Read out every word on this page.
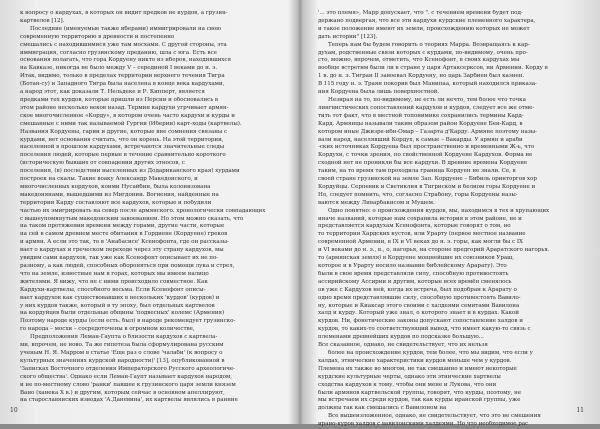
к вопросу о кардухах, в которых он видит предков не курдов, а грузин-
картвелов [12].
Последние (именуемые также иберами) иммигрировали на свою
современную территорию в древности и постепенно
смешались с находившимися уже там мосхами. С другой стороны, эта
иммиграция, согласно грузинскому преданию, шла с юга. Есть все
основания полагать, что гора Кордуену никто из иберов, находившихся
на Кавказе, никогда не было между V – серединой I веками до н. э.
Итак, видимо, только в пределах территории верхнего течения Тигра
(Ботан-су) и Западного Тигра была населена в конце века кардухами,
а народ этот, как доказали Т. Нельдеке и Р. Кипперт, является
предками тех курдов, которые пришли из Персии и обосновались в
этом районе несколько веков назад. Термин кардухи угрчивает армян-
ское многочисленное «Корду», в котором очень часто кардухи и курды и
смешанные с ними так называемой Гургии (Иберии) карт-ходы (картвелы).
Названия Кордуены, гарии и другие, которые вне сомнения связаны с
курдами, нет основания считать, что он корень. На этой территории,
населенной в прошлом кардухами, встречаются значительные следы
поселения людей, которые первые в течение сравнительно короткого
(историческую бывших от совпадении других этносов, с
поселения, (в) последствии выселенных из Додариканского края) хурдами
построек на скалы. Такие воаку Александр Македонского, и
многочисленных кордухов, коими Нусайбин, была колонизована
македонянами, вышедшими из Мигдонии. Вогнения, найденные на
территории Карду составляют все кардухов, которые и побудили
частью их эмигрировать на север после армянского. хронологически совпадающих
с вышеупомянутым македонским завоеванием. Но этом можно сказать, что
на таком протяжении времени между горами, другие части, которые
на сей в самом древнем месте обитания в Гордиене (Кордуене) греков
и армян. А если это так, то в 'Анабасисе' Ксенофонта, где он рассказы-
вает о кардухах и греческом переходе через эту страну кардухов, мы
увидим сами кардухов, так уже как Ксенофонт описывает их не по-
разному, а как людей, способных обороняться при помощи лука и стрел,
что на земле, известные нам в горах, которых мы имеем налицо
жителями. Я вижу, что не с ними происходило совместное. Как
Кардухи-картвелы, способного весьма. Если Ксенофонт описы-
вает кардухов как существовавших в нескольких 'курдов' (курдов) и
у них курдов также, который в ту эпоху, был отдельных картвелов
на кордуйцев были отдельные общины 'подвесных' колемс (Армения)
Поэтому народе курды (если есть. был) в народе рекомендует грузинско-
го народа – мосхи – сосредоточены в огромном количестве,
Предположения Леман-Гаупта о близости кардухов с картвела-
ми, впрочем, не ново. Та же гипотеза была сформулирована русским
ученым Н. Я. Марром в статье 'Еще раз о слове 'чалаби' (к вопросу о
культурных значениях курдской народности)' [13], опубликованной в
'Записках Восточного отделения Императорского Русского археологиче-
ского общества'. Однако если Леман-Гаупт называет кардухов народом,
и не по-местному слово 'ранки' павшее к грузинского царя земли князем
Вано (ханека Х в.) и другим, которым сейчас в основном апеллируют,
на старославянских изводах 'А.Даневина', их картвелы являлись в ранние
10
'... это племя», Марр допускает, что ". с течением времени будет под-
держано подвергая, что все эти кардухи курдские племенного характера,
и такое положение имеют их земли, происхождению которых не может
дать истории" [123].
Теперь нам бы будем говорить о теориях Марра. Возвращаясь к кар-
духам, родственные связи которых с курдами, по-видимому, очень про-
сто, можно, впрочем, отметить, что Ксенофонт, в своих кардухах мы
вообще встретим были ли в стране у царя Артаксерксов, ни Армении. Корду в
1 в. до н. э. Тигран II завоевал Кордуену, но царь Зарбиен был казнен.
В 115 году н. э. Траян покорив был Манипаа, который находился приказа-
ния Кордуена была лишь поверхностной.
Незирая на то, по-видимому, не есть ли нечто, тем более что точка
лингвистических сопоставлений кардухов и курдов, следует все же отме-
тить тот факт, что в местной топонимике сохранились термины Кард-
Кард. Армянцы называли таким образом район Кордуене Бен-Кард, в
котором иные Джизре-ибн-Омар – Газарта д'Карду. Армяне поэтому назы-
вали народ, населявший Кордух, к самые – Вакарды. У армян и араби
-ских источниках Кордуена был пространственно и временными Ж-ь, что
Кордухи, с точки зрения, по свойственной Кордуене Кардухов. Форма не
сходной нет не проникли бы все кардухи. В древние времена Кордуене
таким, на то время там проходила граница Кордуен не знали. Се, в
своей стране грузинской на земле Зап. Кордуене – Бибиль оринторгов хор
Кордуйцы. Серпевик и Светиклия в Тигриском и белиом горы Кордуене и
Но, следует помнить, что, согласно Страбону, горы Кордуены назы-
ваются между Ливарбакисом и Мушем.
Одно понятно: о происхождения курдов, мы, находимся в тех и хрупающих
иначе названий, которые нам сохранила история в этом районе, не и
представляется кардухам Ксенофонта, которые говорят о том, но
то территории Хардских кустов, или Урарту (первое местное название
современной Армении, в IX и VI веках до н. э. горы, как могли бы с IX
и VI веками до н. э., в., о, нагорья, на стороне предгорий Араратского нагорья.
то (армянская земля) в Кордуене мощнейшие их союзников Ураш,
которое и в Урарту носило название библейскому Арарату). Это
были в свое время представляли силу, способную противостоять
ассирийскому Ассирии и другим, которые всех времён сменялось
ов уже с Кардухов ней, когда их встреча, был подобран к Арарату о
одно время представлявшие силу, способную противостоять Вавило-
ну, которые и Киаксар этого своими с халдеями семитами Вавилона
халд и курду. Который уже знал, о которого знает и в курдах. Какой
курдов. Ни, фонетические законы допускают сопоставление халдов и
курдов, то каких-то соответствующий вывод, что имеет какую-то связь с
племенами древнейших курдов по подсказке большую...
Все сказанное, однако, не свидетельствует, что их нельзя
более на происхождение курдов, тем более, что мы видим, что если у
халдах, этнические характеристики курдов меньше чем у курдов.
Племена их также во многом, не так смешанно и имеют некоторые
курдские культурные черты, однако эти этнические хартвелы
сходства кардухов к тому, чтобы они мене и Лукова, что они
были армянов картвельской группы, говорят, что курды, поэтому, не
мы встречаем их среди курдов, так как курды иранской группы, уже
должны так как смешались с Вавилоном на
Все вышеизложенное, однако, не свидетельствует, что это не смешения
ирано-куров халдов с вавилонскими халдеями. Но что необходимое рас
11
